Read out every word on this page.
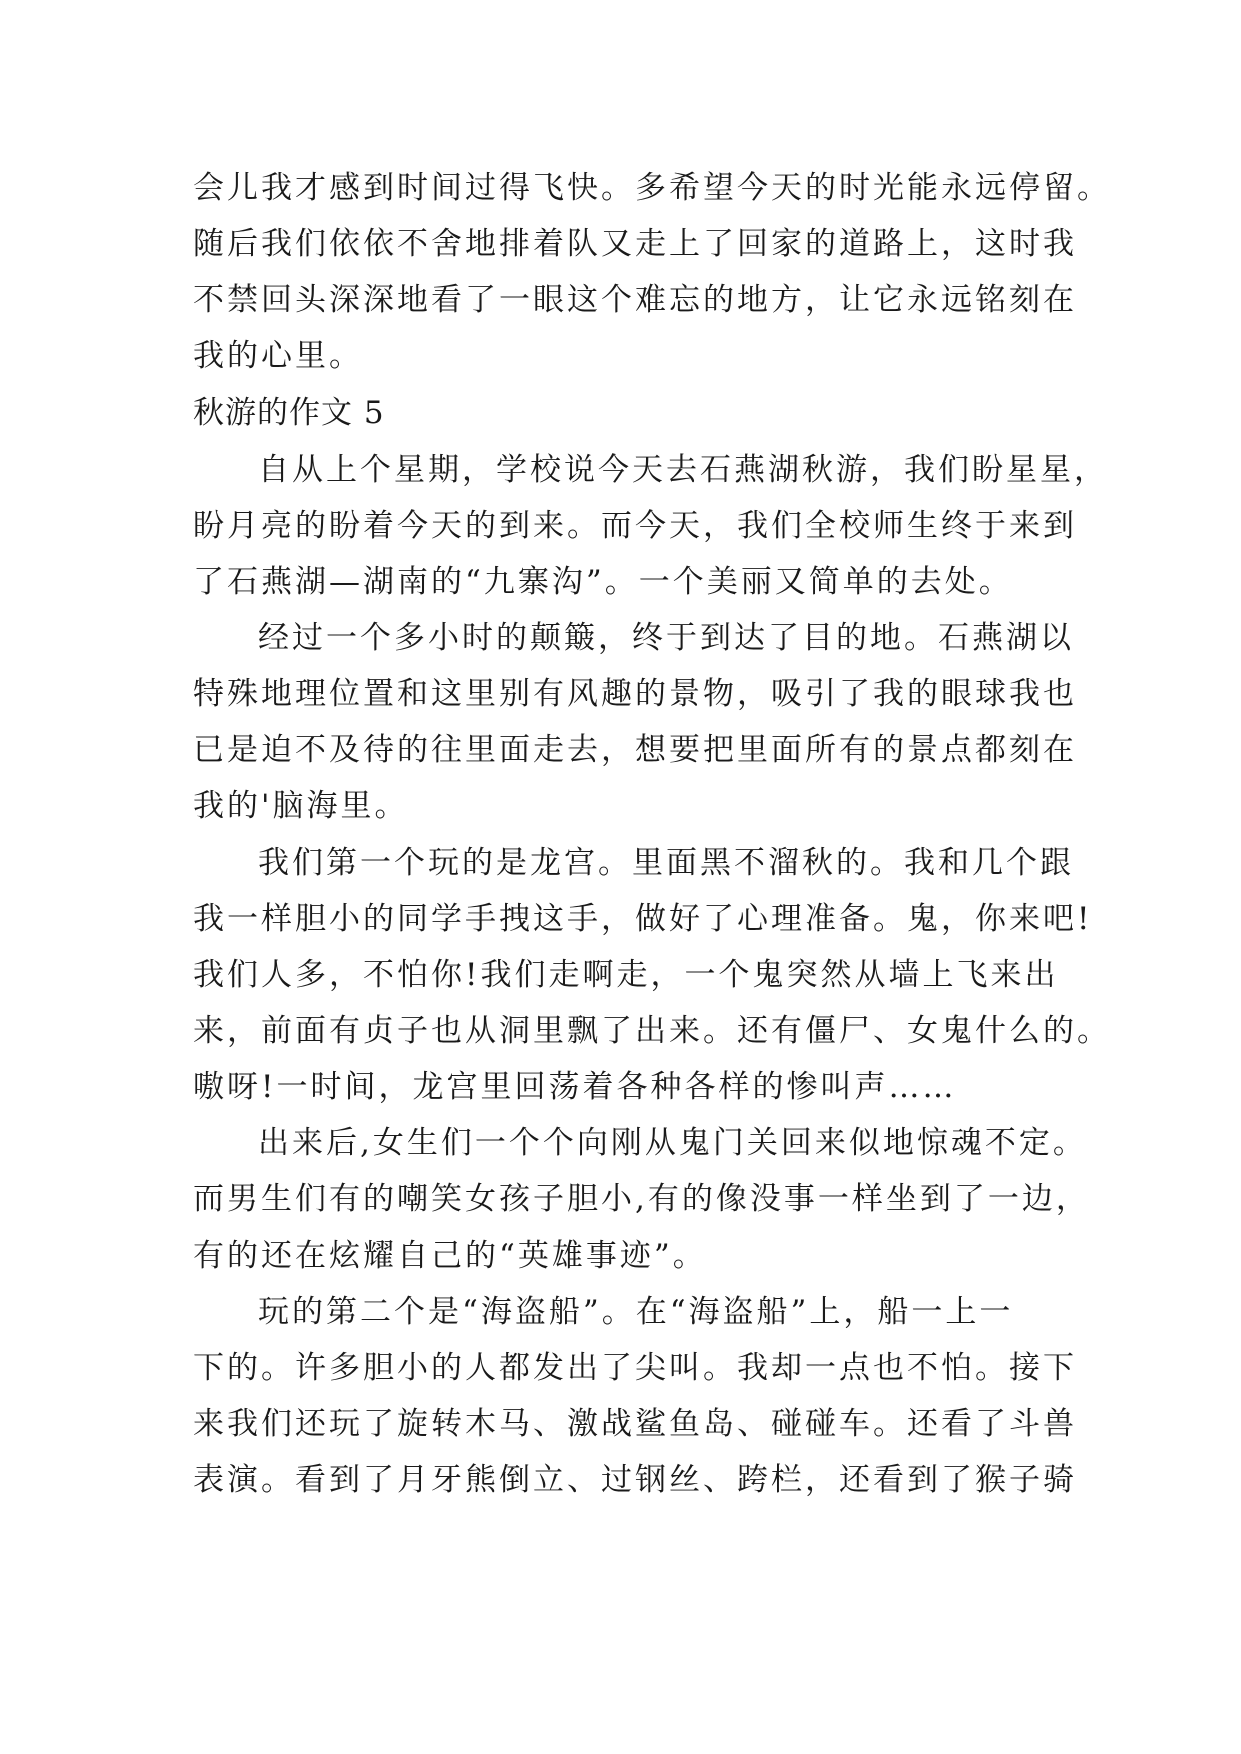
会儿我才感到时间过得飞快。多希望今天的时光能永远停留。
随后我们依依不舍地排着队又走上了回家的道路上，这时我
不禁回头深深地看了一眼这个难忘的地方，让它永远铭刻在
我的心里。
秋游的作文 5
自从上个星期，学校说今天去石燕湖秋游，我们盼星星，
盼月亮的盼着今天的到来。而今天，我们全校师生终于来到
了石燕湖—湖南的“九寨沟”。一个美丽又简单的去处。
经过一个多小时的颠簸，终于到达了目的地。石燕湖以
特殊地理位置和这里别有风趣的景物，吸引了我的眼球我也
已是迫不及待的往里面走去，想要把里面所有的景点都刻在
我的'脑海里。
我们第一个玩的是龙宫。里面黑不溜秋的。我和几个跟
我一样胆小的同学手拽这手，做好了心理准备。鬼，你来吧!
我们人多，不怕你!我们走啊走，一个鬼突然从墙上飞来出
来，前面有贞子也从洞里飘了出来。还有僵尸、女鬼什么的。
嗷呀!一时间，龙宫里回荡着各种各样的惨叫声……
出来后,女生们一个个向刚从鬼门关回来似地惊魂不定。
而男生们有的嘲笑女孩子胆小,有的像没事一样坐到了一边，
有的还在炫耀自己的“英雄事迹”。
玩的第二个是“海盗船”。在“海盗船”上，船一上一
下的。许多胆小的人都发出了尖叫。我却一点也不怕。接下
来我们还玩了旋转木马、激战鲨鱼岛、碰碰车。还看了斗兽
表演。看到了月牙熊倒立、过钢丝、跨栏，还看到了猴子骑
